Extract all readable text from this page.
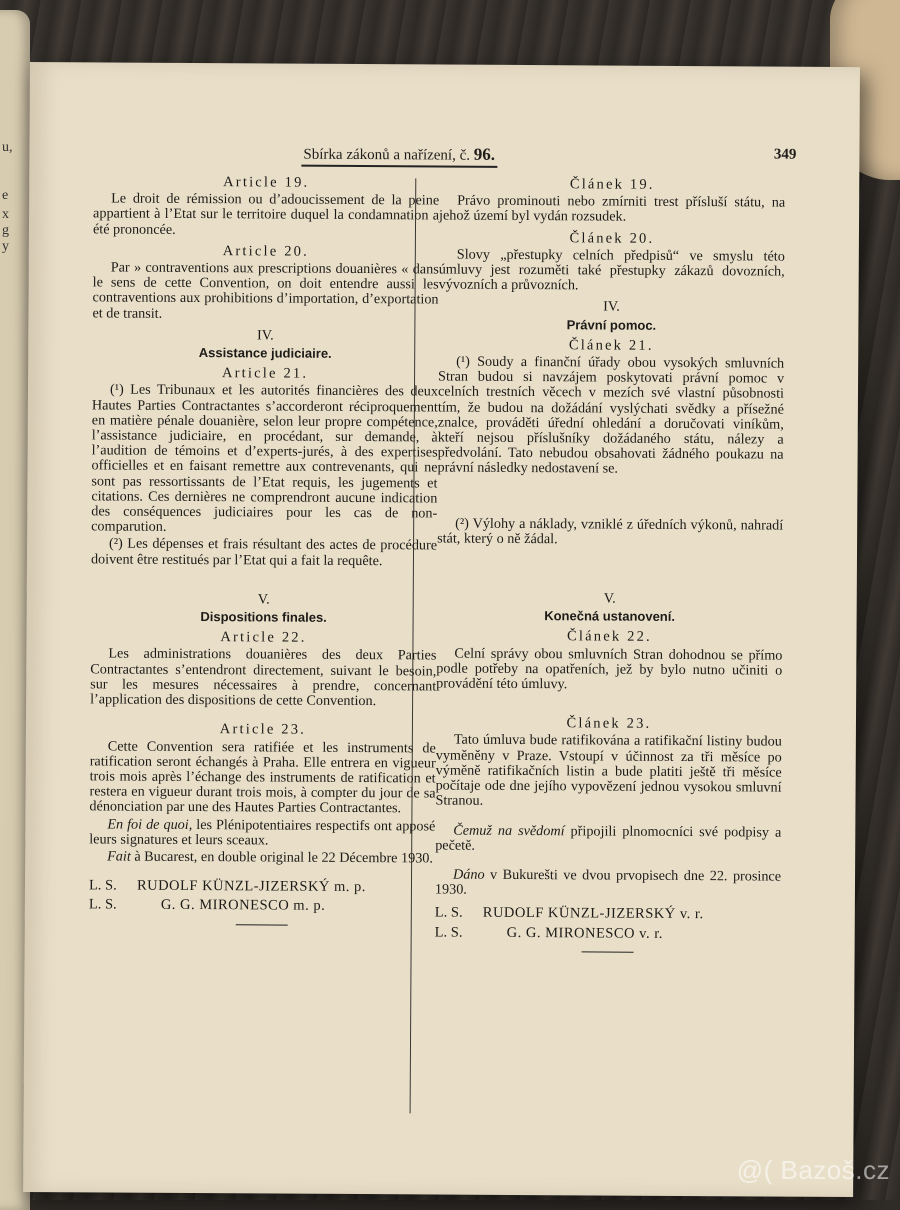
u,
e
x
g
y
Sbírka zákonů a nařízení, č. 96.	349
Article 19.
Le droit de rémission ou d’adoucissement de la peine appartient à l’Etat sur le territoire duquel la condamnation a été prononcée.
Article 20.
Par » contraventions aux prescriptions douanières « dans le sens de cette Convention, on doit entendre aussi les contraventions aux prohibitions d’importation, d’exportation et de transit.
IV.
Assistance judiciaire.
Article 21.
(¹) Les Tribunaux et les autorités financières des deux Hautes Parties Contractantes s’accorderont réciproquement en matière pénale douanière, selon leur propre compétence, l’assistance judiciaire, en procédant, sur demande, à l’audition de témoins et d’experts-jurés, à des expertises officielles et en faisant remettre aux contrevenants, qui ne sont pas ressortissants de l’Etat requis, les jugements et citations. Ces dernières ne comprendront aucune indication des conséquences judiciaires pour les cas de non-comparution.
(²) Les dépenses et frais résultant des actes de procédure doivent être restitués par l’Etat qui a fait la requête.
V.
Dispositions finales.
Article 22.
Les administrations douanières des deux Parties Contractantes s’entendront directement, suivant le besoin, sur les mesures nécessaires à prendre, concernant l’application des dispositions de cette Convention.
Article 23.
Cette Convention sera ratifiée et les instruments de ratification seront échangés à Praha. Elle entrera en vigueur trois mois après l’échange des instruments de ratification et restera en vigueur durant trois mois, à compter du jour de sa dénonciation par une des Hautes Parties Contractantes.
En foi de quoi, les Plénipotentiaires respectifs ont apposé leurs signatures et leurs sceaux.
Fait à Bucarest, en double original le 22 Décembre 1930.
L. S. RUDOLF KÜNZL-JIZERSKÝ m. p.
L. S.	G. G. MIRONESCO m. p.
Článek 19.
Právo prominouti nebo zmírniti trest přísluší státu, na jehož území byl vydán rozsudek.
Článek 20.
Slovy „přestupky celních předpisů“ ve smyslu této úmluvy jest rozuměti také přestupky zákazů dovozních, vývozních a průvozních.
IV.
Právní pomoc.
Článek 21.
(¹) Soudy a finanční úřady obou vysokých smluvních Stran budou si navzájem poskytovati právní pomoc v celních trestních věcech v mezích své vlastní působnosti tím, že budou na dožádání vyslýchati svědky a přísežné znalce, prováděti úřední ohledání a doručovati viníkům, kteří nejsou příslušníky dožádaného státu, nálezy a předvolání. Tato nebudou obsahovati žádného poukazu na právní následky nedostavení se.
(²) Výlohy a náklady, vzniklé z úředních výkonů, nahradí stát, který o ně žádal.
V.
Konečná ustanovení.
Článek 22.
Celní správy obou smluvních Stran dohodnou se přímo podle potřeby na opatřeních, jež by bylo nutno učiniti o provádění této úmluvy.
Článek 23.
Tato úmluva bude ratifikována a ratifikační listiny budou vyměněny v Praze. Vstoupí v účinnost za tři měsíce po výměně ratifikačních listin a bude platiti ještě tři měsíce počítaje ode dne jejího vypovězení jednou vysokou smluvní Stranou.
Čemuž na svědomí připojili plnomocníci své podpisy a pečetě.
Dáno v Bukurešti ve dvou prvopisech dne 22. prosince 1930.
L. S. RUDOLF KÜNZL-JIZERSKÝ v. r.
L. S.	G. G. MIRONESCO v. r.
@( Bazoš.cz
